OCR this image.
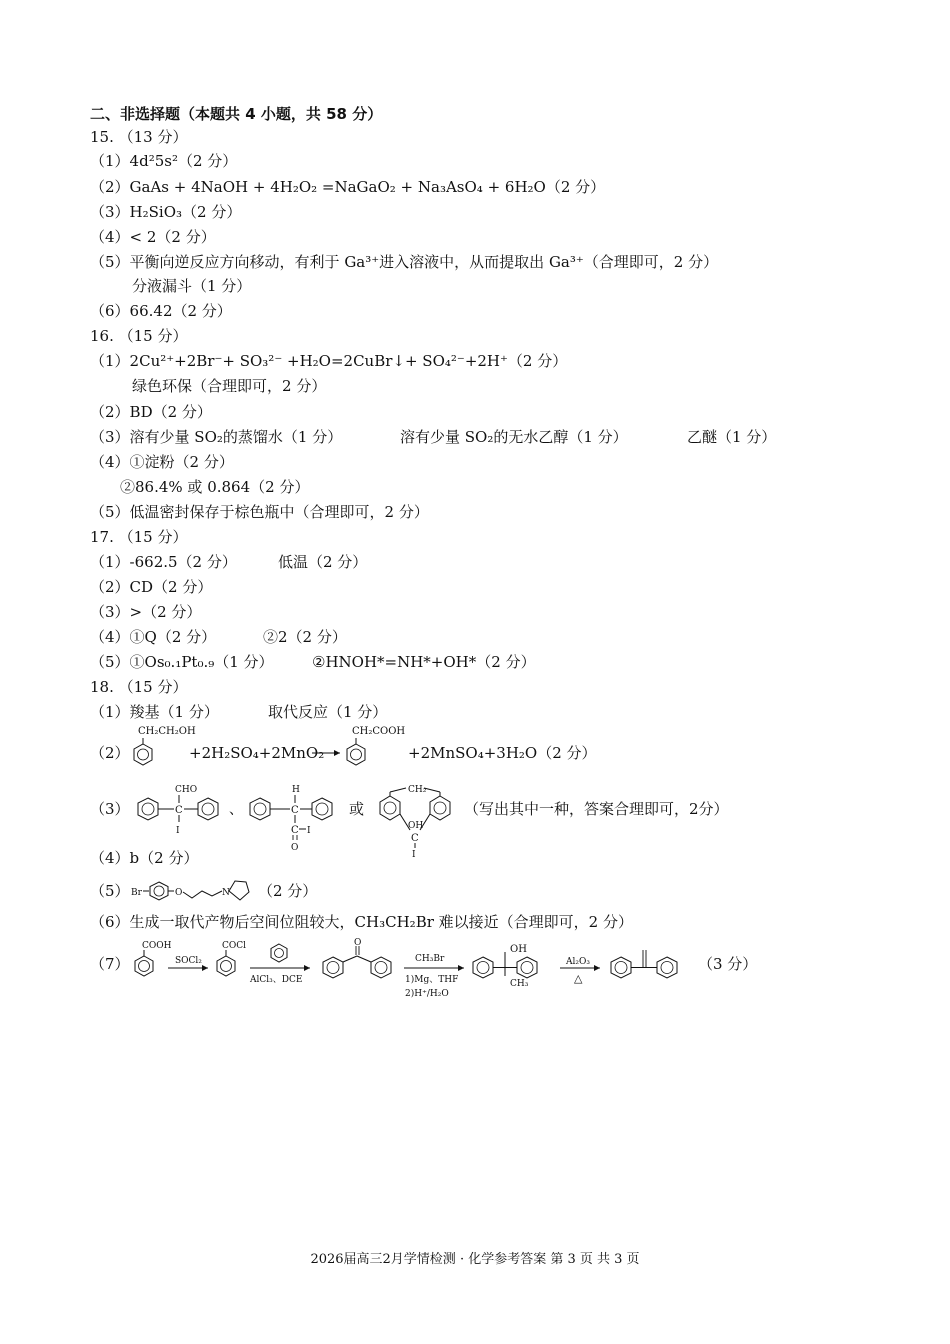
二、非选择题（本题共 4 小题，共 58 分）
15. （13 分）
（1）4d²5s²（2 分）
（2）GaAs + 4NaOH + 4H₂O₂ =NaGaO₂ + Na₃AsO₄ + 6H₂O（2 分）
（3）H₂SiO₃（2 分）
（4）< 2（2 分）
（5）平衡向逆反应方向移动，有利于 Ga³⁺进入溶液中，从而提取出 Ga³⁺（合理即可，2 分）
分液漏斗（1 分）
（6）66.42（2 分）
16. （15 分）
（1）2Cu²⁺+2Br⁻+ SO₃²⁻ +H₂O=2CuBr↓+ SO₄²⁻+2H⁺（2 分）
绿色环保（合理即可，2 分）
（2）BD（2 分）
（3）溶有少量 SO₂的蒸馏水（1 分）	溶有少量 SO₂的无水乙醇（1 分）	乙醚（1 分）
（4）①淀粉（2 分）
②86.4% 或 0.864（2 分）
（5）低温密封保存于棕色瓶中（合理即可，2 分）
17. （15 分）
（1）-662.5（2 分）	低温（2 分）
（2）CD（2 分）
（3）>（2 分）
（4）①Q（2 分）	②2（2 分）
（5）①Os₀.₁Pt₀.₉（1 分）	②HNOH*=NH*+OH*（2 分）
18. （15 分）
（1）羧基（1 分）	取代反应（1 分）
（2）
CH₂CH₂OH
+2H₂SO₄+2MnO₂
CH₂COOH
+2MnSO₄+3H₂O（2 分）
（3）
CHO
C
I
、
H
C
C I
O
或
CH₂
OH
C
I
（写出其中一种，答案合理即可，2分）
（4）b（2 分）
（5） Br	O	N （2 分）
（6）生成一取代产物后空间位阻较大，CH₃CH₂Br 难以接近（合理即可，2 分）
（7）
COOH
SOCl₂
COCl
AlCl₃、DCE
O
CH₃Br
1)Mg、THF
2)H⁺/H₂O
OH
CH₃
Al₂O₃
△
（3 分）
2026届高三2月学情检测 · 化学参考答案 第 3 页 共 3 页
